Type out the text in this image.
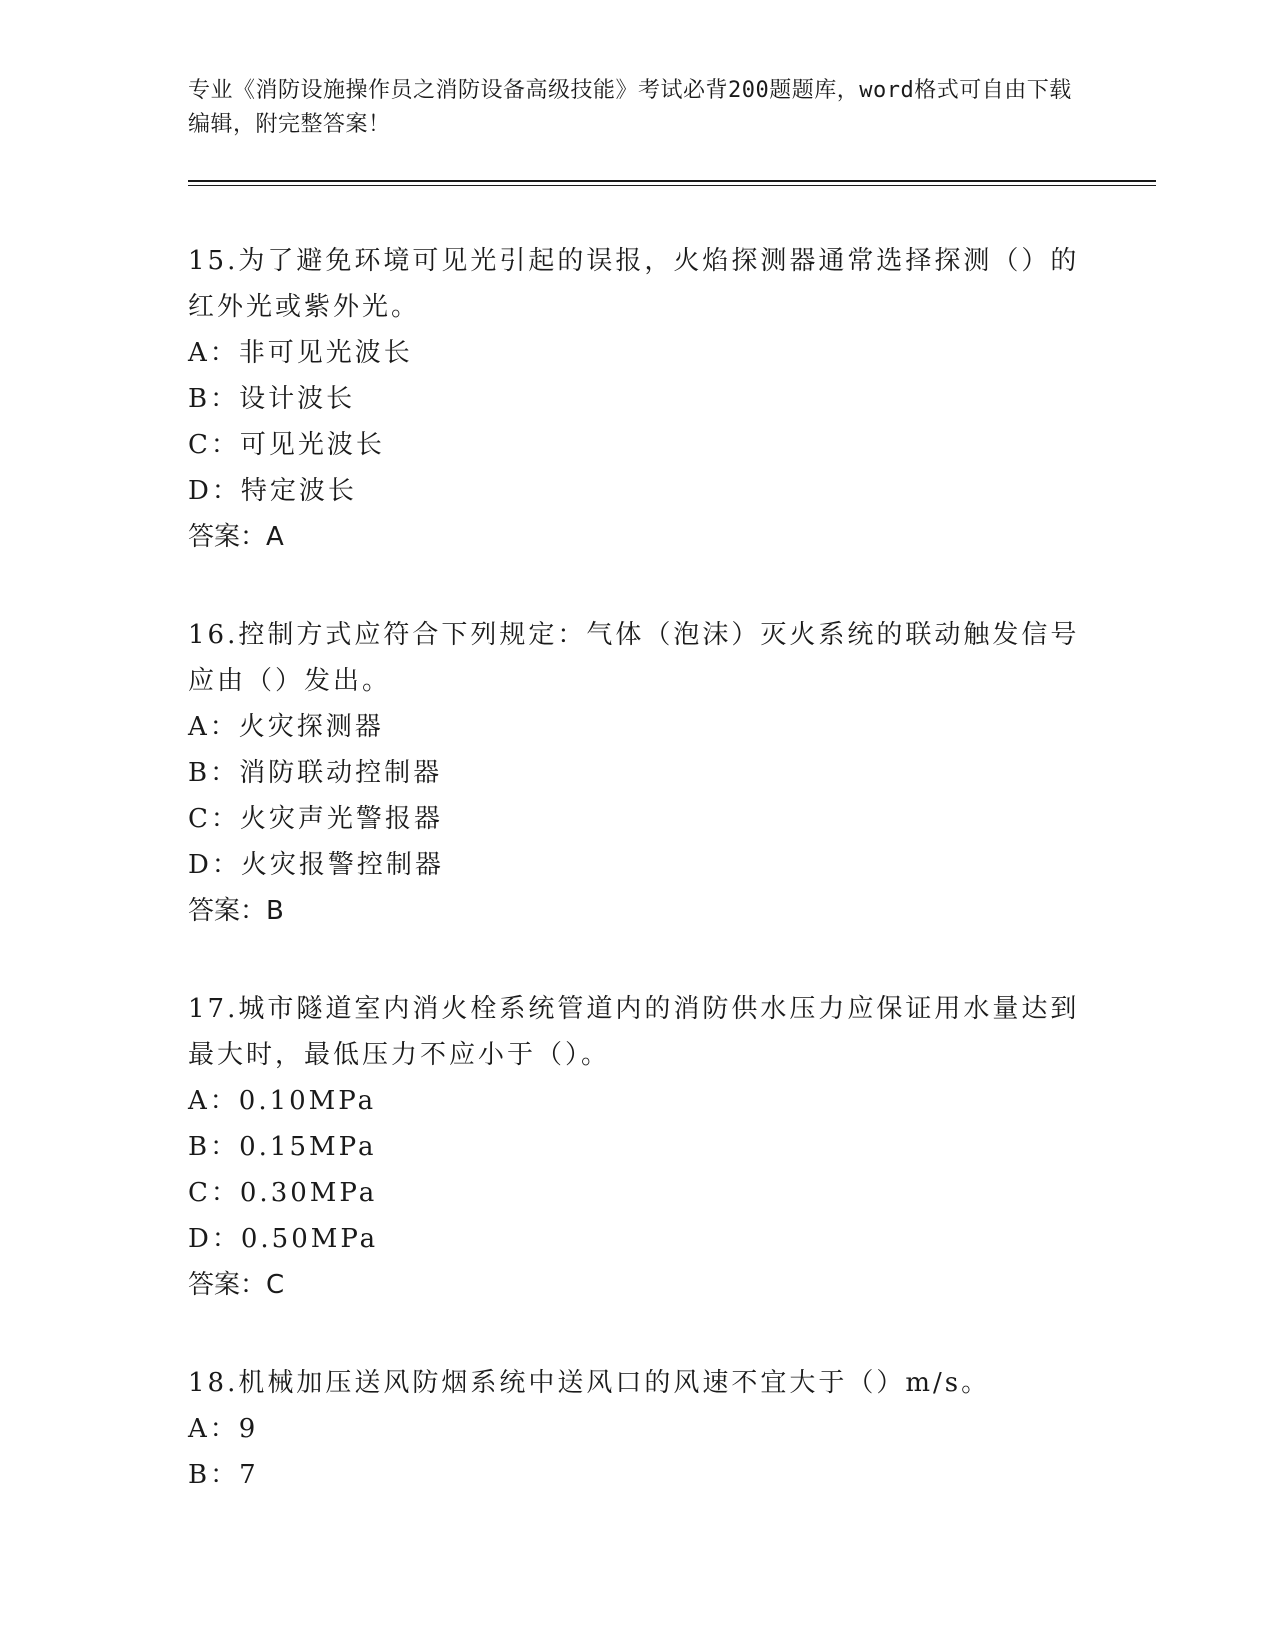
专业《消防设施操作员之消防设备高级技能》考试必背200题题库，word格式可自由下载编辑，附完整答案！

15.为了避免环境可见光引起的误报，火焰探测器通常选择探测（）的红外光或紫外光。

A：非可见光波长

B：设计波长

C：可见光波长

D：特定波长

答案：A

16.控制方式应符合下列规定：气体（泡沫）灭火系统的联动触发信号应由（）发出。

A：火灾探测器

B：消防联动控制器

C：火灾声光警报器

D：火灾报警控制器

答案：B

17.城市隧道室内消火栓系统管道内的消防供水压力应保证用水量达到最大时，最低压力不应小于（）。

A：0.10MPa

B：0.15MPa

C：0.30MPa

D：0.50MPa

答案：C

18.机械加压送风防烟系统中送风口的风速不宜大于（）m/s。

A：9

B：7
